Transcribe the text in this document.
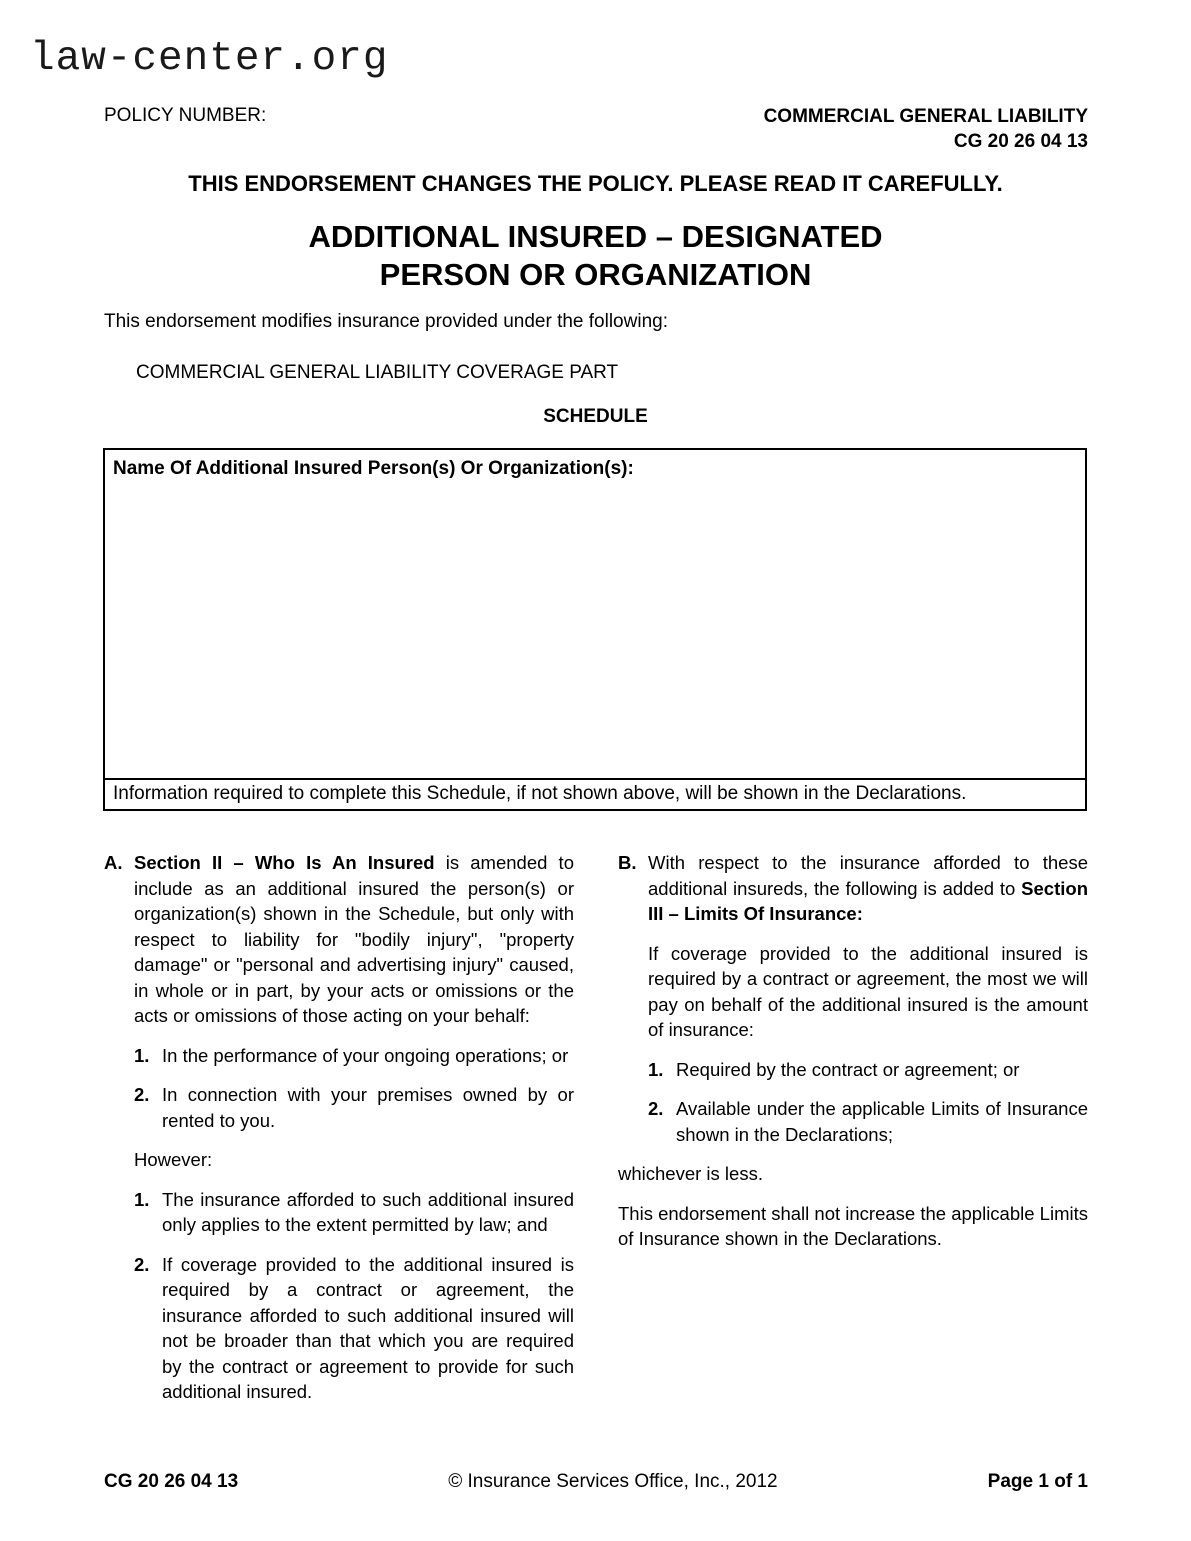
law-center.org
POLICY NUMBER:	COMMERCIAL GENERAL LIABILITY
CG 20 26 04 13
THIS ENDORSEMENT CHANGES THE POLICY. PLEASE READ IT CAREFULLY.
ADDITIONAL INSURED – DESIGNATED
PERSON OR ORGANIZATION
This endorsement modifies insurance provided under the following:
COMMERCIAL GENERAL LIABILITY COVERAGE PART
SCHEDULE
Name Of Additional Insured Person(s) Or Organization(s):
Information required to complete this Schedule, if not shown above, will be shown in the Declarations.
A. Section II – Who Is An Insured is amended to include as an additional insured the person(s) or organization(s) shown in the Schedule, but only with respect to liability for "bodily injury", "property damage" or "personal and advertising injury" caused, in whole or in part, by your acts or omissions or the acts or omissions of those acting on your behalf:
1. In the performance of your ongoing operations; or
2. In connection with your premises owned by or rented to you.
However:
1. The insurance afforded to such additional insured only applies to the extent permitted by law; and
2. If coverage provided to the additional insured is required by a contract or agreement, the insurance afforded to such additional insured will not be broader than that which you are required by the contract or agreement to provide for such additional insured.
B. With respect to the insurance afforded to these additional insureds, the following is added to Section III – Limits Of Insurance:
If coverage provided to the additional insured is required by a contract or agreement, the most we will pay on behalf of the additional insured is the amount of insurance:
1. Required by the contract or agreement; or
2. Available under the applicable Limits of Insurance shown in the Declarations;
whichever is less.
This endorsement shall not increase the applicable Limits of Insurance shown in the Declarations.
CG 20 26 04 13	© Insurance Services Office, Inc., 2012	Page 1 of 1
